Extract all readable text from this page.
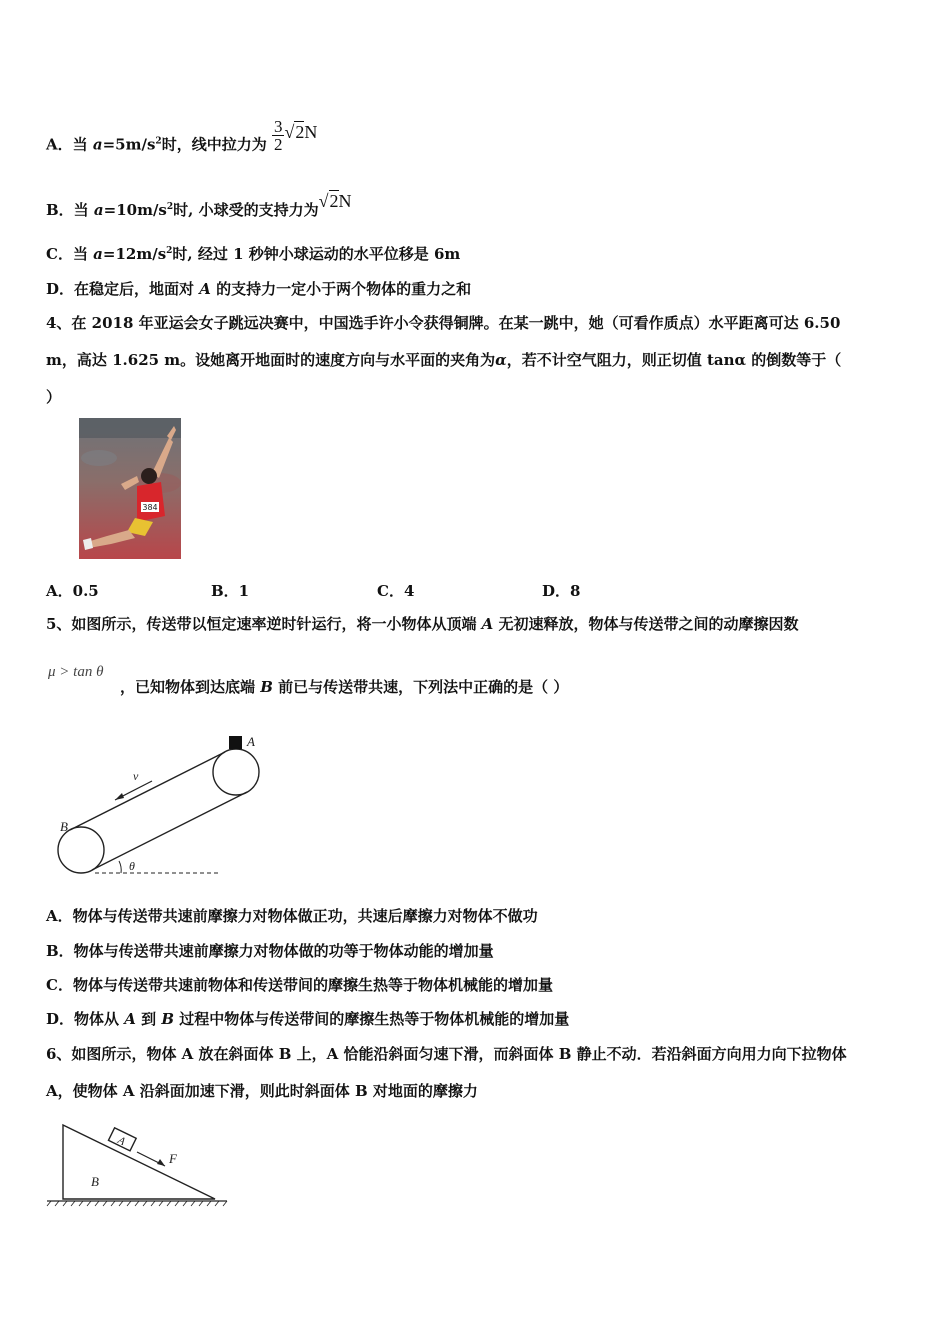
A．当 $a=5m/s^2$时，线中拉力为 $\frac{3}{2} √2N$
B．当 $a=10m/s^2$时, 小球受的支持力为√2N
C．当 $a=12m/s^2$时, 经过 1 秒钟小球运动的水平位移是 6m
D．在稳定后，地面对 A 的支持力一定小于两个物体的重力之和
4、在 2018 年亚运会女子跳远决赛中，中国选手许小令获得铜牌。在某一跳中，她（可看作质点）水平距离可达 6.50
m，高达 1.625 m。设她离开地面时的速度方向与水平面的夹角为α，若不计空气阻力，则正切值 tanα 的倒数等于（
）
384
A．0.5	B．1	C．4	D．8
5、如图所示，传送带以恒定速率逆时针运行，将一小物体从顶端 A 无初速释放，物体与传送带之间的动摩擦因数
μ > tan θ
，已知物体到达底端 B 前已与传送带共速，下列法中正确的是（ ）
A
B
v
θ
A．物体与传送带共速前摩擦力对物体做正功，共速后摩擦力对物体不做功
B．物体与传送带共速前摩擦力对物体做的功等于物体动能的增加量
C．物体与传送带共速前物体和传送带间的摩擦生热等于物体机械能的增加量
D．物体从 A 到 B 过程中物体与传送带间的摩擦生热等于物体机械能的增加量
6、如图所示，物体 A 放在斜面体 B 上，A 恰能沿斜面匀速下滑，而斜面体 B 静止不动．若沿斜面方向用力向下拉物体
A，使物体 A 沿斜面加速下滑，则此时斜面体 B 对地面的摩擦力
A
F
B
